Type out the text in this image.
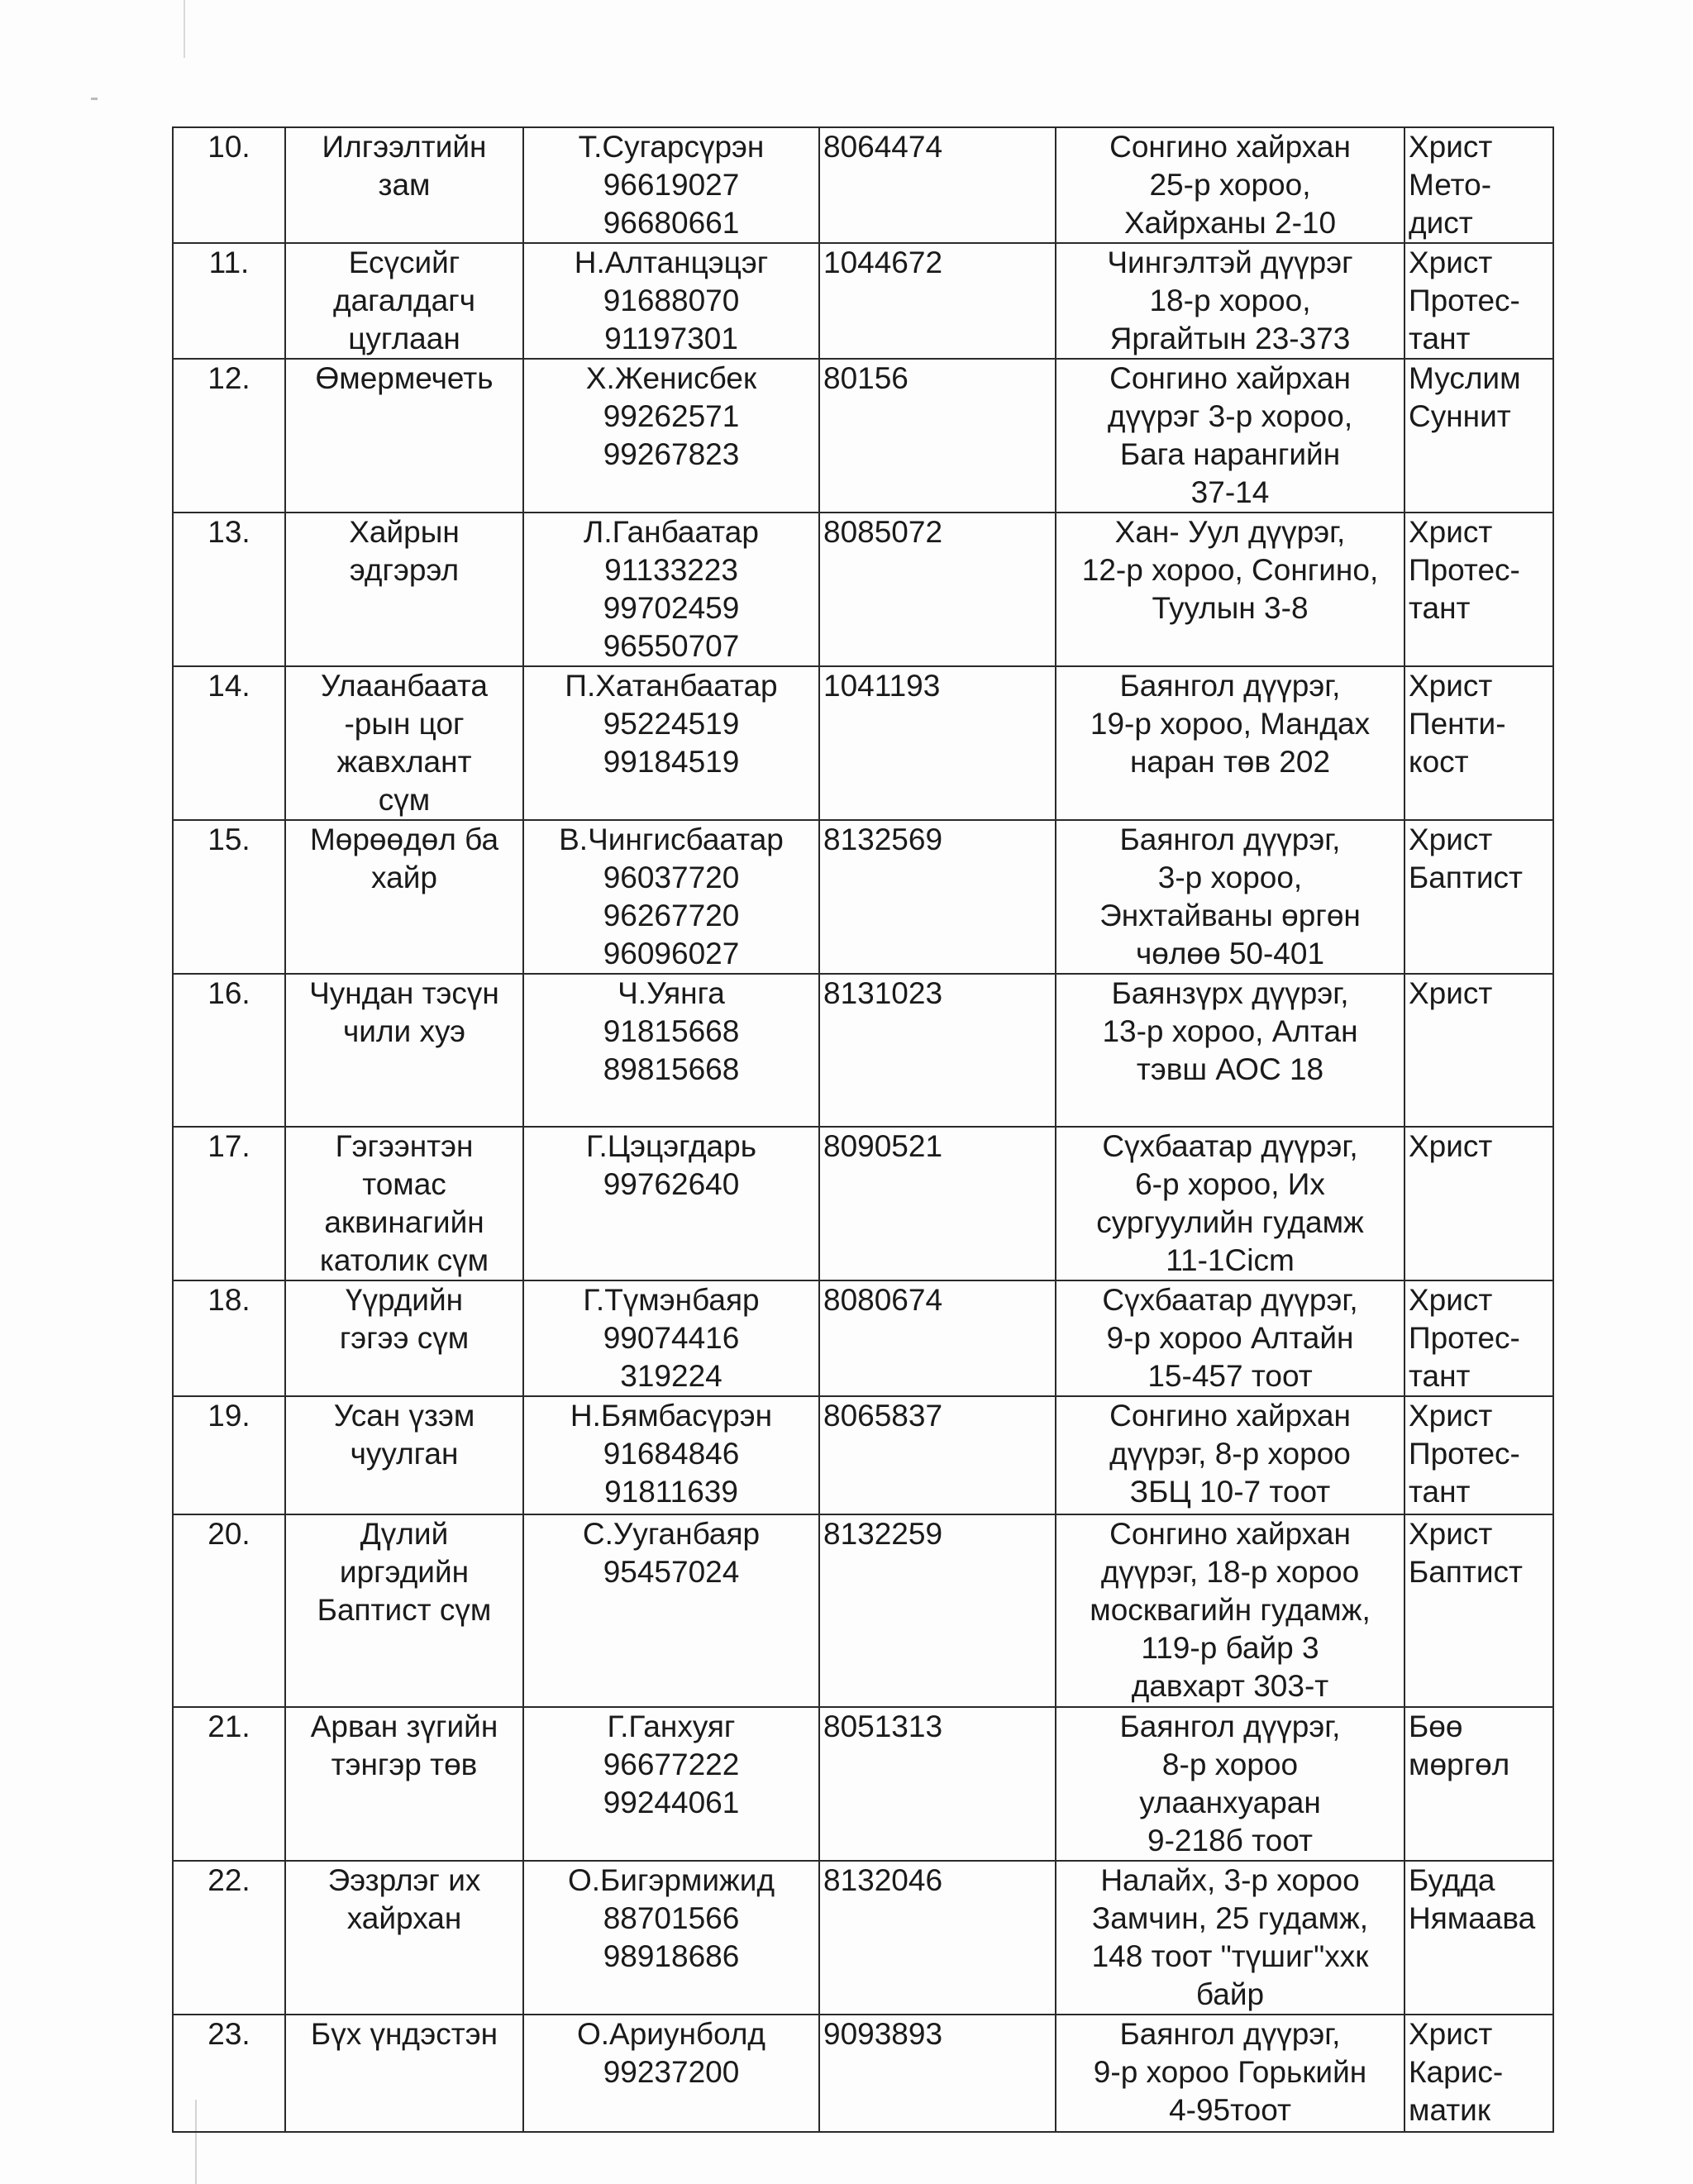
10.	Илгээлтийн
зам	Т.Сугарсүрэн
96619027
96680661	8064474	Сонгино хайрхан
25-р хороо,
Хайрханы 2-10	Христ
Мето-
дист
11.	Есүсийг
дагалдагч
цуглаан	Н.Алтанцэцэг
91688070
91197301	1044672	Чингэлтэй дүүрэг
18-р хороо,
Яргайтын 23-373	Христ
Протес-
тант
12.	Өмермечеть	Х.Женисбек
99262571
99267823	80156	Сонгино хайрхан
дүүрэг 3-р хороо,
Бага нарангийн
37-14	Муслим
Суннит
13.	Хайрын
эдгэрэл	Л.Ганбаатар
91133223
99702459
96550707	8085072	Хан- Уул дүүрэг,
12-р хороо, Сонгино,
Туулын 3-8	Христ
Протес-
тант
14.	Улаанбаата
-рын цог
жавхлант
сүм	П.Хатанбаатар
95224519
99184519	1041193	Баянгол дүүрэг,
19-р хороо, Мандах
наран төв 202	Христ
Пенти-
кост
15.	Мөрөөдөл ба
хайр	В.Чингисбаатар
96037720
96267720
96096027	8132569	Баянгол дүүрэг,
3-р хороо,
Энхтайваны өргөн
чөлөө 50-401	Христ
Баптист
16.	Чундан тэсүн
чили хуэ	Ч.Уянга
91815668
89815668	8131023	Баянзүрх дүүрэг,
13-р хороо, Алтан
тэвш АОС 18	Христ
17.	Гэгээнтэн
томас
аквинагийн
католик сүм	Г.Цэцэгдарь
99762640	8090521	Сүхбаатар дүүрэг,
6-р хороо, Их
сургуулийн гудамж
11-1Сiсm	Христ
18.	Үүрдийн
гэгээ сүм	Г.Түмэнбаяр
99074416
319224	8080674	Сүхбаатар дүүрэг,
9-р хороо Алтайн
15-457 тоот	Христ
Протес-
тант
19.	Усан үзэм
чуулган	Н.Бямбасүрэн
91684846
91811639	8065837	Сонгино хайрхан
дүүрэг, 8-р хороо
ЗБЦ 10-7 тоот	Христ
Протес-
тант
20.	Дүлий
иргэдийн
Баптист сүм	С.Ууганбаяр
95457024	8132259	Сонгино хайрхан
дүүрэг, 18-р хороо
москвагийн гудамж,
119-р байр 3
давхарт 303-т	Христ
Баптист
21.	Арван зүгийн
тэнгэр төв	Г.Ганхуяг
96677222
99244061	8051313	Баянгол дүүрэг,
8-р хороо
улаанхуаран
9-218б тоот	Бөө
мөргөл
22.	Ээзрлэг их
хайрхан	О.Бигэрмижид
88701566
98918686	8132046	Налайх, 3-р хороо
Замчин, 25 гудамж,
148 тоот "түшиг"ххк
байр	Будда
Нямаава
23.	Бүх үндэстэн	О.Ариунболд
99237200	9093893	Баянгол дүүрэг,
9-р хороо Горькийн
4-95тоот	Христ
Карис-
матик
